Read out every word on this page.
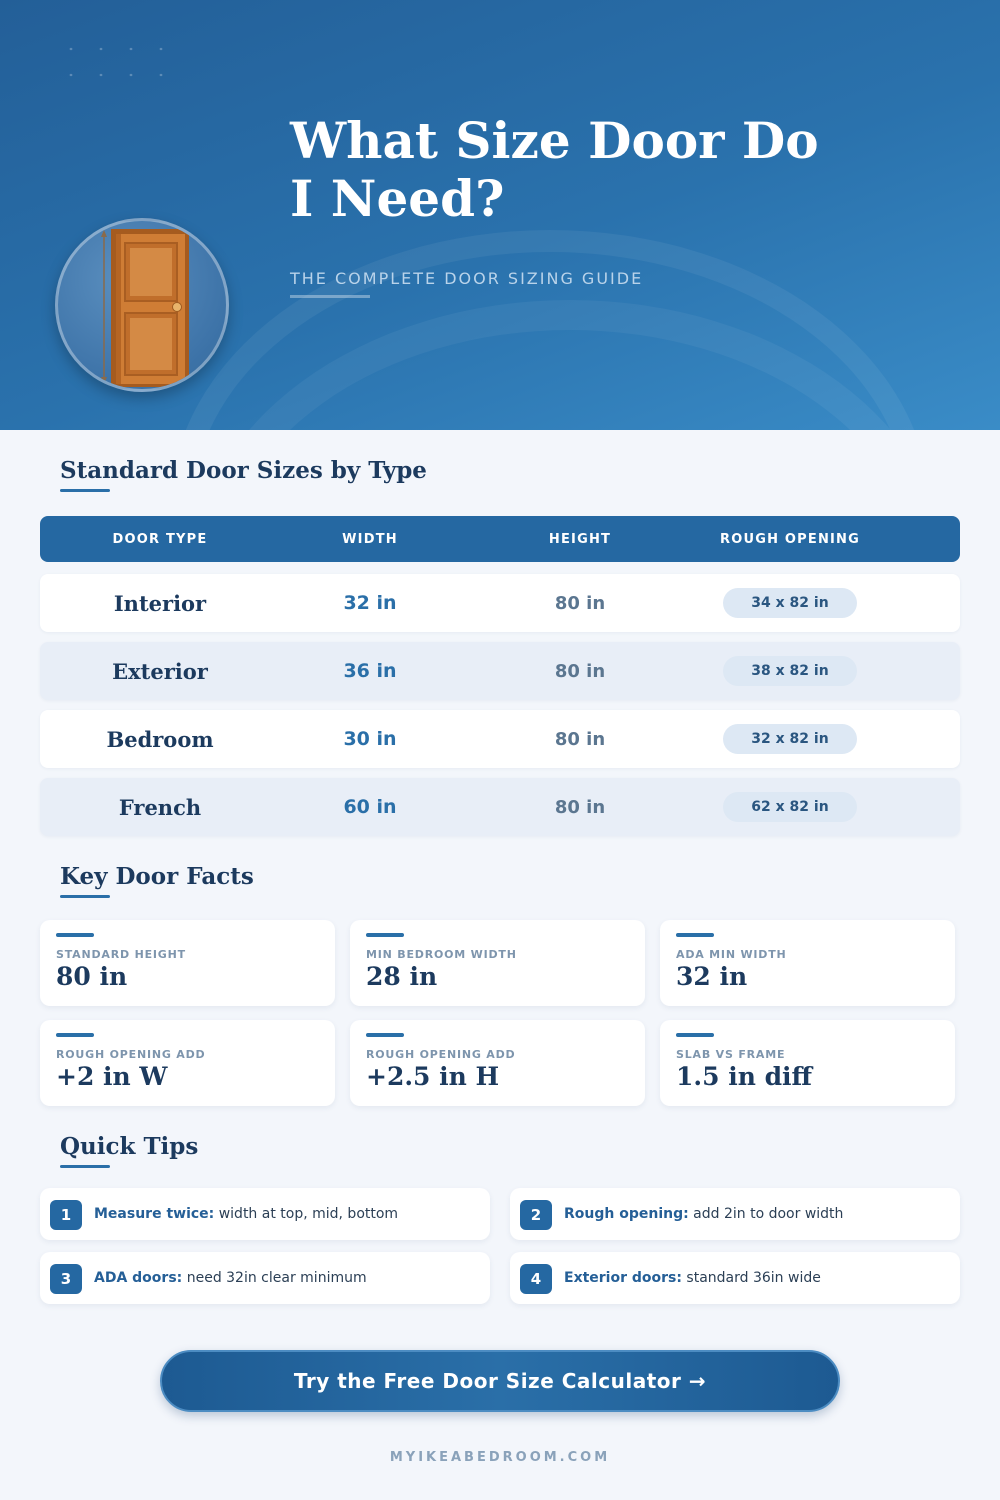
What Size Door Do I Need?
THE COMPLETE DOOR SIZING GUIDE
Standard Door Sizes by Type
DOOR TYPE	WIDTH	HEIGHT	ROUGH OPENING
Interior	32 in	80 in	34 x 82 in
Exterior	36 in	80 in	38 x 82 in
Bedroom	30 in	80 in	32 x 82 in
French	60 in	80 in	62 x 82 in
Key Door Facts
STANDARD HEIGHT
80 in
MIN BEDROOM WIDTH
28 in
ADA MIN WIDTH
32 in
ROUGH OPENING ADD
+2 in W
ROUGH OPENING ADD
+2.5 in H
SLAB VS FRAME
1.5 in diff
Quick Tips
1	Measure twice: width at top, mid, bottom	2	Rough opening: add 2in to door width
3	ADA doors: need 32in clear minimum	4	Exterior doors: standard 36in wide
Try the Free Door Size Calculator →
MYIKEABEDROOM.COM
